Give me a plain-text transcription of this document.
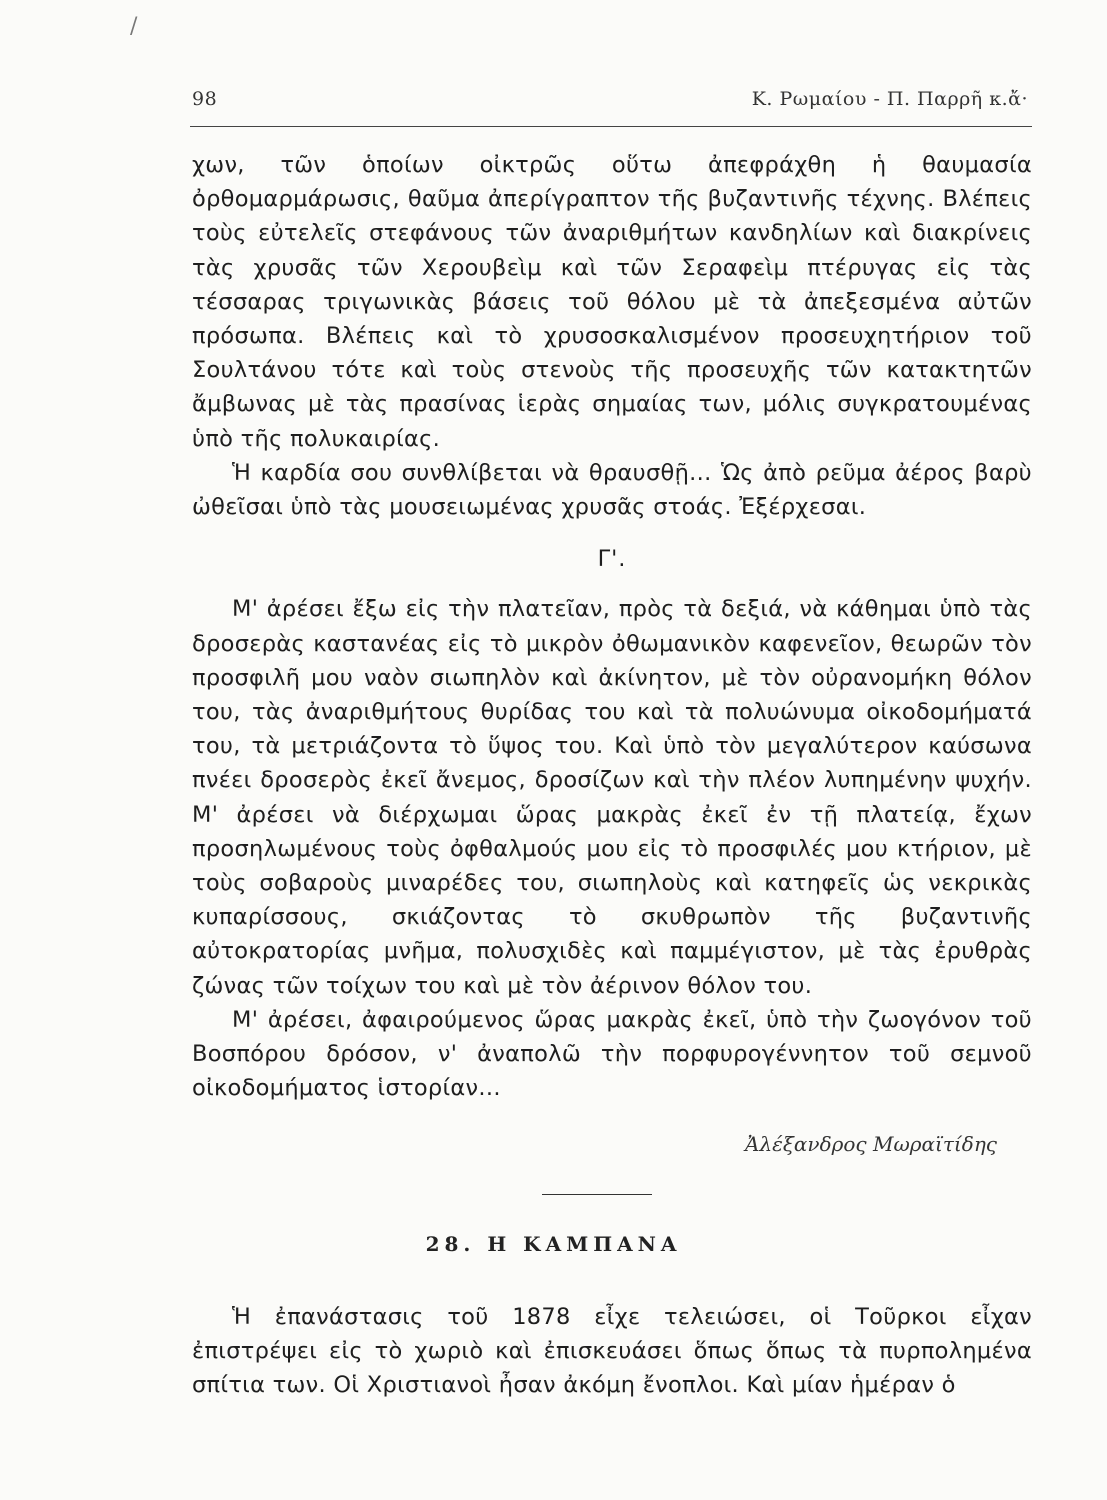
/
98	Κ. Ρωμαίου - Π. Παρρῆ κ.ἄ·

χων, τῶν ὁποίων οἰκτρῶς οὕτω ἀπεφράχθη ἡ θαυμασία ὀρθομαρμάρωσις, θαῦμα ἀπερίγραπτον τῆς βυζαντινῆς τέχνης. Βλέπεις τοὺς εὐτελεῖς στεφάνους τῶν ἀναριθμήτων κανδηλίων καὶ διακρίνεις τὰς χρυσᾶς τῶν Χερουβεὶμ καὶ τῶν Σεραφεὶμ πτέρυγας εἰς τὰς τέσσαρας τριγωνικὰς βάσεις τοῦ θόλου μὲ τὰ ἀπεξεσμένα αὐτῶν πρόσωπα. Βλέπεις καὶ τὸ χρυσοσκαλισμένον προσευχητήριον τοῦ Σουλτάνου τότε καὶ τοὺς στενοὺς τῆς προσευχῆς τῶν κατακτητῶν ἄμβωνας μὲ τὰς πρασίνας ἱερὰς σημαίας των, μόλις συγκρατουμένας ὑπὸ τῆς πολυκαιρίας.

Ἡ καρδία σου συνθλίβεται νὰ θραυσθῇ... Ὡς ἀπὸ ρεῦμα ἀέρος βαρὺ ὠθεῖσαι ὑπὸ τὰς μουσειωμένας χρυσᾶς στοάς. Ἐξέρχεσαι.

Γ'.

Μ' ἀρέσει ἔξω εἰς τὴν πλατεῖαν, πρὸς τὰ δεξιά, νὰ κάθημαι ὑπὸ τὰς δροσερὰς καστανέας εἰς τὸ μικρὸν ὀθωμανικὸν καφενεῖον, θεωρῶν τὸν προσφιλῆ μου ναὸν σιωπηλὸν καὶ ἀκίνητον, μὲ τὸν οὐρανομήκη θόλον του, τὰς ἀναριθμήτους θυρίδας του καὶ τὰ πολυώνυμα οἰκοδομήματά του, τὰ μετριάζοντα τὸ ὕψος του. Καὶ ὑπὸ τὸν μεγαλύτερον καύσωνα πνέει δροσερὸς ἐκεῖ ἄνεμος, δροσίζων καὶ τὴν πλέον λυπημένην ψυχήν. Μ' ἀρέσει νὰ διέρχωμαι ὥρας μακρὰς ἐκεῖ ἐν τῇ πλατείᾳ, ἔχων προσηλωμένους τοὺς ὀφθαλμούς μου εἰς τὸ προσφιλές μου κτήριον, μὲ τοὺς σοβαροὺς μιναρέδες του, σιωπηλοὺς καὶ κατηφεῖς ὡς νεκρικὰς κυπαρίσσους, σκιάζοντας τὸ σκυθρωπὸν τῆς βυζαντινῆς αὐτοκρατορίας μνῆμα, πολυσχιδὲς καὶ παμμέγιστον, μὲ τὰς ἐρυθρὰς ζώνας τῶν τοίχων του καὶ μὲ τὸν ἀέρινον θόλον του.

Μ' ἀρέσει, ἀφαιρούμενος ὥρας μακρὰς ἐκεῖ, ὑπὸ τὴν ζωογόνον τοῦ Βοσπόρου δρόσον, ν' ἀναπολῶ τὴν πορφυρογέννητον τοῦ σεμνοῦ οἰκοδομήματος ἱστορίαν...

Ἀλέξανδρος Μωραϊτίδης
28. Η ΚΑΜΠΑΝΑ

Ἡ ἐπανάστασις τοῦ 1878 εἶχε τελειώσει, οἱ Τοῦρκοι εἶχαν ἐπιστρέψει εἰς τὸ χωριὸ καὶ ἐπισκευάσει ὅπως ὅπως τὰ πυρπολημένα σπίτια των. Οἱ Χριστιανοὶ ἦσαν ἀκόμη ἔνοπλοι. Καὶ μίαν ἡμέραν ὁ
